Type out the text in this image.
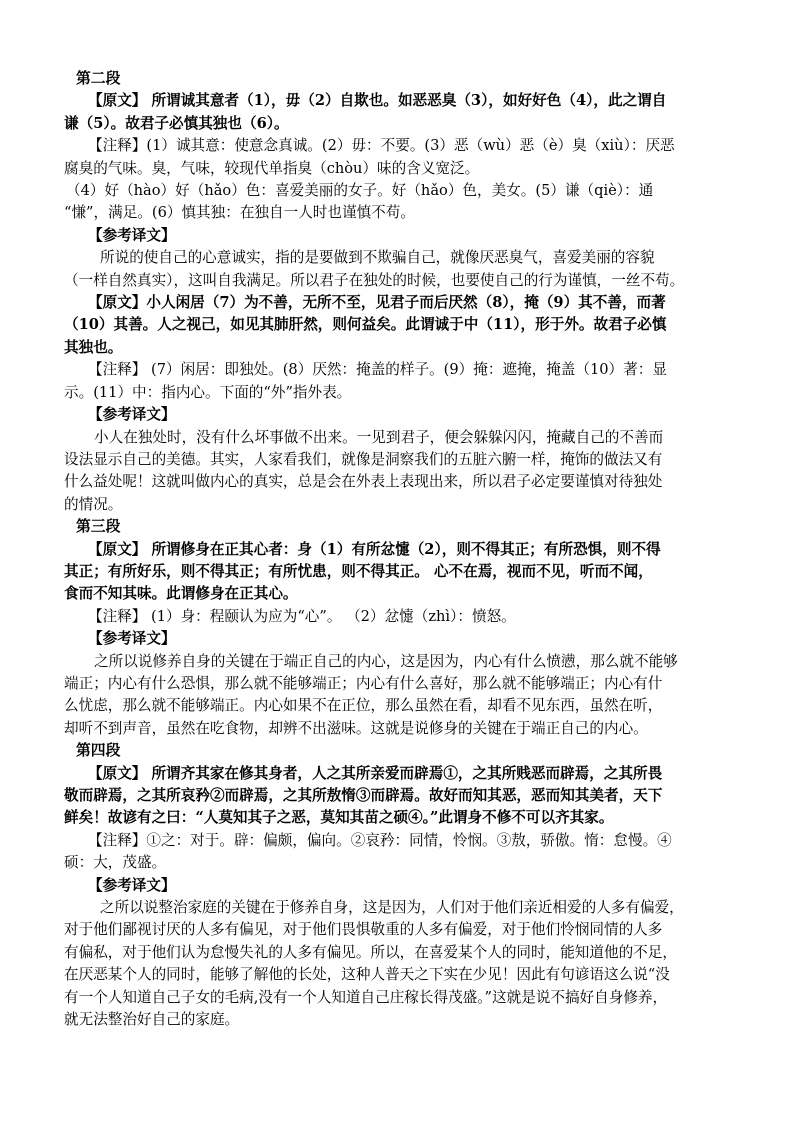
第二段
【原文】 所谓诚其意者（1），毋（2）自欺也。如恶恶臭（3），如好好色（4），此之谓自
谦（5）。故君子必慎其独也（6）。
【注释】(1）诚其意：使意念真诚。(2）毋：不要。(3）恶（wù）恶（è）臭（xiù）：厌恶
腐臭的气味。臭，气味，较现代单指臭（chòu）味的含义宽泛。
（4）好（hào）好（hǎo）色：喜爱美丽的女子。好（hǎo）色，美女。(5）谦（qiè）：通
“慊”，满足。(6）慎其独：在独自一人时也谨慎不苟。
【参考译文】
所说的使自己的心意诚实，指的是要做到不欺骗自己，就像厌恶臭气，喜爱美丽的容貌
（一样自然真实），这叫自我满足。所以君子在独处的时候，也要使自己的行为谨慎，一丝不苟。
【原文】小人闲居（7）为不善，无所不至，见君子而后厌然（8），掩（9）其不善，而著
（10）其善。人之视己，如见其肺肝然，则何益矣。此谓诚于中（11），形于外。故君子必慎
其独也。
【注释】 (7）闲居：即独处。(8）厌然：掩盖的样子。(9）掩：遮掩，掩盖（10）著：显
示。(11）中：指内心。下面的“外”指外表。
【参考译文】
小人在独处时，没有什么坏事做不出来。一见到君子，便会躲躲闪闪，掩藏自己的不善而
设法显示自己的美德。其实，人家看我们，就像是洞察我们的五脏六腑一样，掩饰的做法又有
什么益处呢！这就叫做内心的真实，总是会在外表上表现出来，所以君子必定要谨慎对待独处
的情况。
第三段
【原文】 所谓修身在正其心者：身（1）有所忿懥（2），则不得其正；有所恐惧，则不得
其正；有所好乐，则不得其正；有所忧患，则不得其正。 心不在焉，视而不见，听而不闻，
食而不知其味。此谓修身在正其心。
【注释】 (1）身：程颐认为应为“心”。 （2）忿懥（zhì）：愤怒。
【参考译文】
之所以说修养自身的关键在于端正自己的内心，这是因为，内心有什么愤懑，那么就不能够
端正；内心有什么恐惧，那么就不能够端正；内心有什么喜好，那么就不能够端正；内心有什
么忧虑，那么就不能够端正。内心如果不在正位，那么虽然在看，却看不见东西，虽然在听，
却听不到声音，虽然在吃食物，却辨不出滋味。这就是说修身的关键在于端正自己的内心。
第四段
【原文】 所谓齐其家在修其身者，人之其所亲爱而辟焉①，之其所贱恶而辟焉，之其所畏
敬而辟焉，之其所哀矜②而辟焉，之其所敖惰③而辟焉。故好而知其恶，恶而知其美者，天下
鲜矣！故谚有之曰：“人莫知其子之恶，莫知其苗之硕④。”此谓身不修不可以齐其家。
【注释】①之：对于。辟：偏颇，偏向。②哀矜：同情，怜悯。③敖，骄傲。惰：怠慢。④
硕：大，茂盛。
【参考译文】
之所以说整治家庭的关键在于修养自身，这是因为，人们对于他们亲近相爱的人多有偏爱，
对于他们鄙视讨厌的人多有偏见，对于他们畏惧敬重的人多有偏爱，对于他们怜悯同情的人多
有偏私，对于他们认为怠慢失礼的人多有偏见。所以，在喜爱某个人的同时，能知道他的不足，
在厌恶某个人的同时，能够了解他的长处，这种人普天之下实在少见！因此有句谚语这么说“没
有一个人知道自己子女的毛病,没有一个人知道自己庄稼长得茂盛。”这就是说不搞好自身修养，
就无法整治好自己的家庭。
